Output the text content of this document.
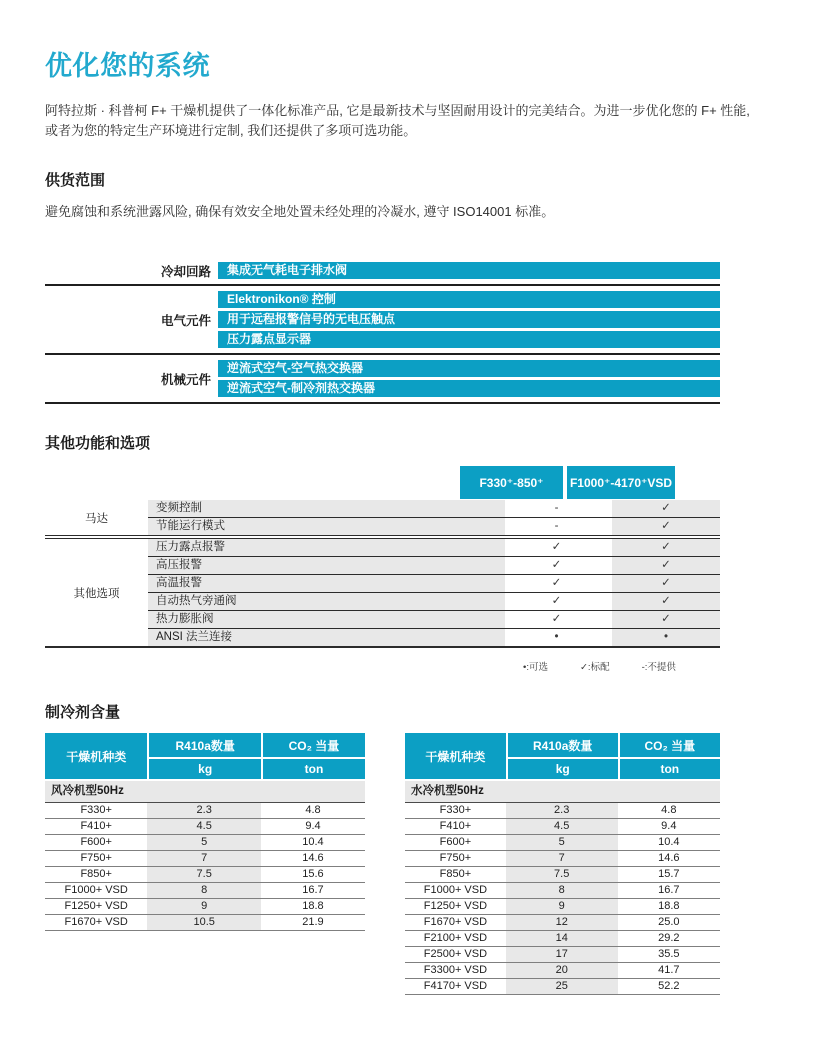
优化您的系统

阿特拉斯 · 科普柯 F+ 干燥机提供了一体化标准产品, 它是最新技术与坚固耐用设计的完美结合。为进一步优化您的 F+ 性能, 或者为您的特定生产环境进行定制, 我们还提供了多项可选功能。

供货范围

避免腐蚀和系统泄露风险, 确保有效安全地处置未经处理的冷凝水, 遵守 ISO14001 标准。

冷却回路	集成无气耗电子排水阀
电气元件
Elektronikon® 控制
用于远程报警信号的无电压触点
压力露点显示器
机械元件
逆流式空气-空气热交换器
逆流式空气-制冷剂热交换器
其他功能和选项
F330⁺-850⁺	F1000⁺-4170⁺VSD
马达
变频控制	-	✓
节能运行模式	-	✓
其他选项
压力露点报警	✓	✓
高压报警	✓	✓
高温报警	✓	✓
自动热气旁通阀	✓	✓
热力膨胀阀	✓	✓
ANSI 法兰连接	•	•
•:可选	✓:标配	-:不提供
制冷剂含量
干燥机种类
R410a数量	CO₂ 当量
kg	ton
风冷机型50Hz
F330+	2.3	4.8
F410+	4.5	9.4
F600+	5	10.4
F750+	7	14.6
F850+	7.5	15.6
F1000+ VSD	8	16.7
F1250+ VSD	9	18.8
F1670+ VSD	10.5	21.9
干燥机种类
R410a数量	CO₂ 当量
kg	ton
水冷机型50Hz
F330+	2.3	4.8
F410+	4.5	9.4
F600+	5	10.4
F750+	7	14.6
F850+	7.5	15.7
F1000+ VSD	8	16.7
F1250+ VSD	9	18.8
F1670+ VSD	12	25.0
F2100+ VSD	14	29.2
F2500+ VSD	17	35.5
F3300+ VSD	20	41.7
F4170+ VSD	25	52.2
